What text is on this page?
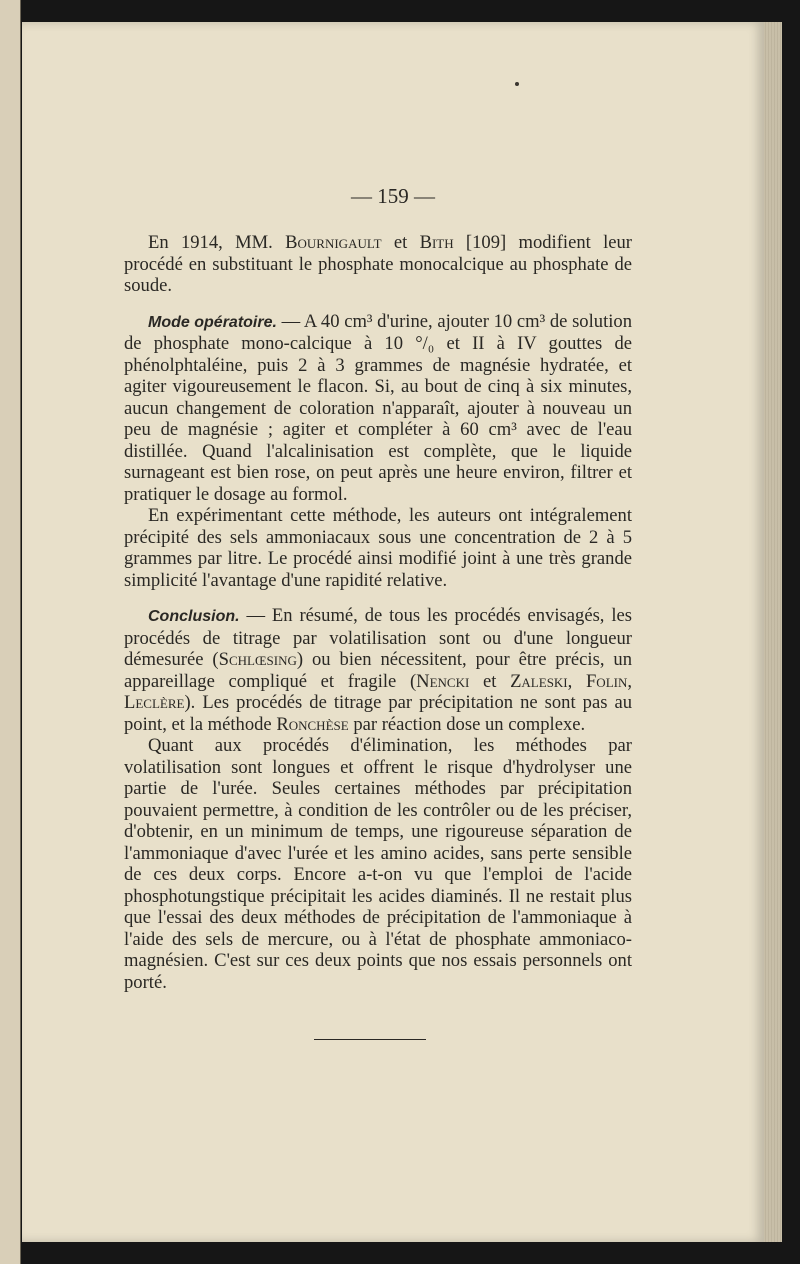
— 159 —

En 1914, MM. Bournigault et Bith [109] modifient leur procédé en substituant le phosphate monocalcique au phosphate de soude.

Mode opératoire. — A 40 cm³ d'urine, ajouter 10 cm³ de solution de phosphate mono-calcique à 10 °/₀ et II à IV gouttes de phénolphtaléine, puis 2 à 3 grammes de magnésie hydratée, et agiter vigoureusement le flacon. Si, au bout de cinq à six minutes, aucun changement de coloration n'apparaît, ajouter à nouveau un peu de magnésie ; agiter et compléter à 60 cm³ avec de l'eau distillée. Quand l'alcalinisation est complète, que le liquide surnageant est bien rose, on peut après une heure environ, filtrer et pratiquer le dosage au formol.

En expérimentant cette méthode, les auteurs ont intégralement précipité des sels ammoniacaux sous une concentration de 2 à 5 grammes par litre. Le procédé ainsi modifié joint à une très grande simplicité l'avantage d'une rapidité relative.

Conclusion. — En résumé, de tous les procédés envisagés, les procédés de titrage par volatilisation sont ou d'une longueur démesurée (Schlœsing) ou bien nécessitent, pour être précis, un appareillage compliqué et fragile (Nencki et Zaleski, Folin, Leclère). Les procédés de titrage par précipitation ne sont pas au point, et la méthode Ronchèse par réaction dose un complexe.

Quant aux procédés d'élimination, les méthodes par volatilisation sont longues et offrent le risque d'hydrolyser une partie de l'urée. Seules certaines méthodes par précipitation pouvaient permettre, à condition de les contrôler ou de les préciser, d'obtenir, en un minimum de temps, une rigoureuse séparation de l'ammoniaque d'avec l'urée et les amino acides, sans perte sensible de ces deux corps. Encore a-t-on vu que l'emploi de l'acide phosphotungstique précipitait les acides diaminés. Il ne restait plus que l'essai des deux méthodes de précipitation de l'ammoniaque à l'aide des sels de mercure, ou à l'état de phosphate ammoniaco-magnésien. C'est sur ces deux points que nos essais personnels ont porté.
